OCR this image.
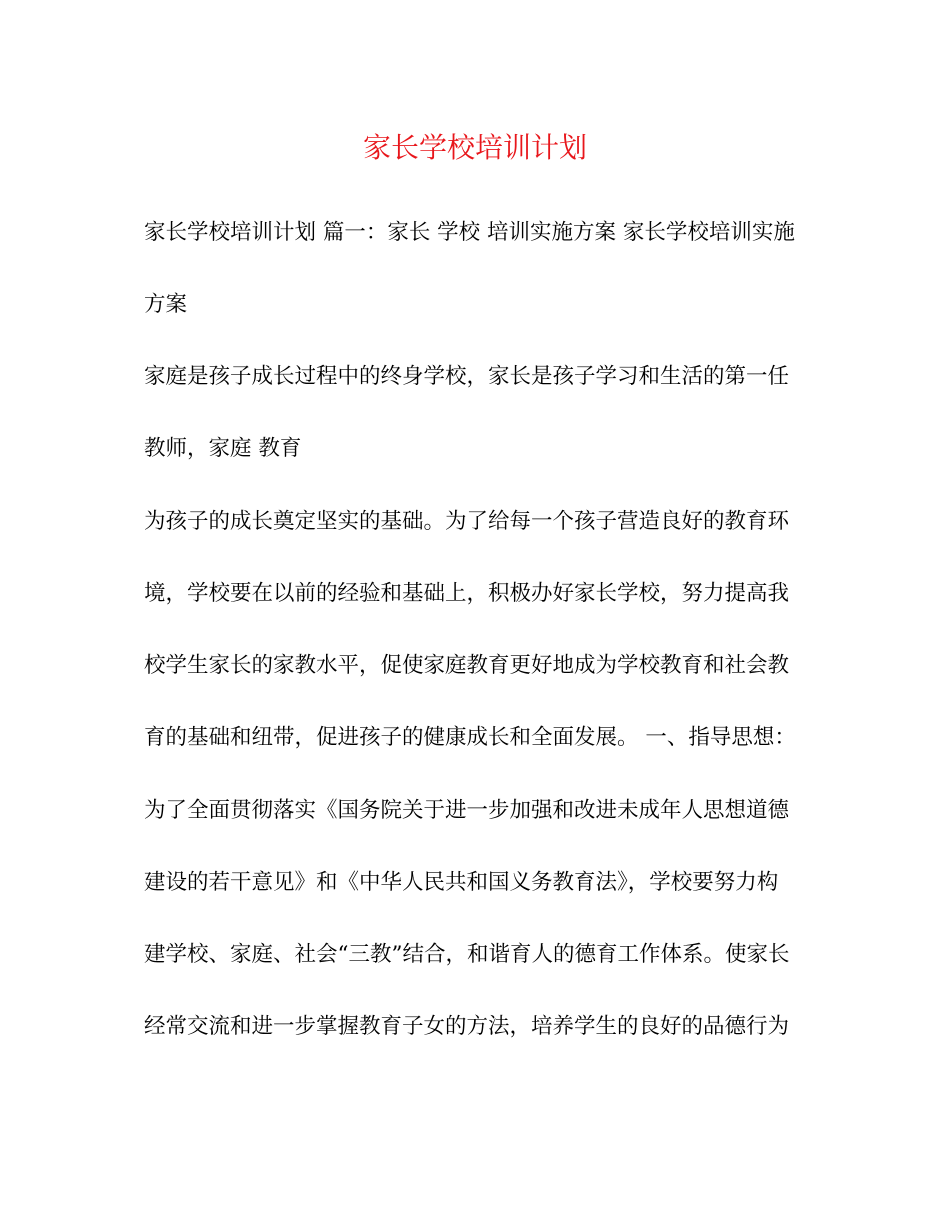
家长学校培训计划

家长学校培训计划 篇一：家长 学校 培训实施方案 家长学校培训实施

方案

家庭是孩子成长过程中的终身学校，家长是孩子学习和生活的第一任

教师，家庭 教育

为孩子的成长奠定坚实的基础。为了给每一个孩子营造良好的教育环

境，学校要在以前的经验和基础上，积极办好家长学校，努力提高我

校学生家长的家教水平，促使家庭教育更好地成为学校教育和社会教

育的基础和纽带，促进孩子的健康成长和全面发展。 一、指导思想：

为了全面贯彻落实《国务院关于进一步加强和改进未成年人思想道德

建设的若干意见》和《中华人民共和国义务教育法》，学校要努力构

建学校、家庭、社会“三教”结合，和谐育人的德育工作体系。使家长

经常交流和进一步掌握教育子女的方法，培养学生的良好的品德行为
